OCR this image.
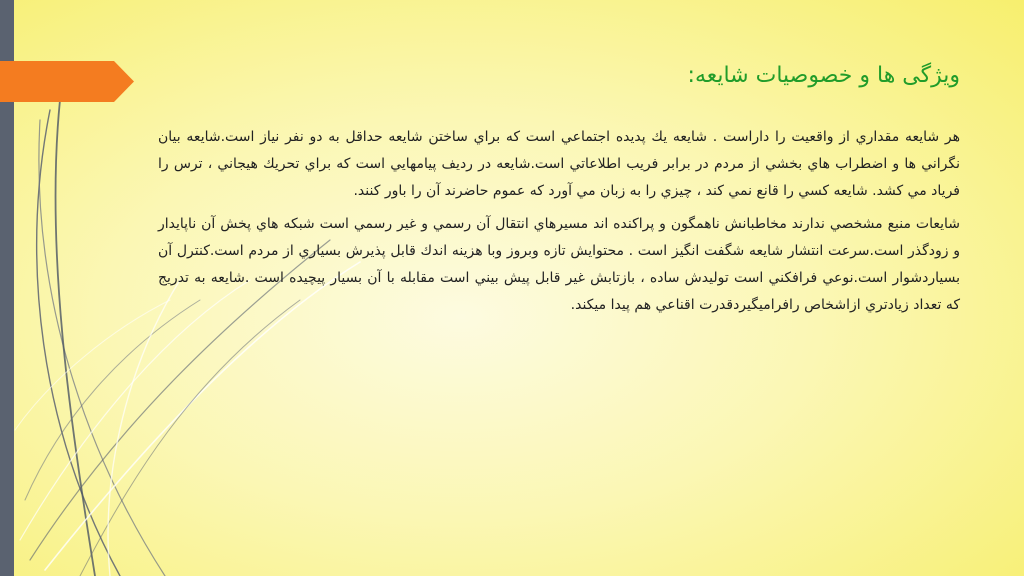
ويژگی ها و خصوصيات شايعه:

هر شايعه مقداري از واقعيت را داراست . شايعه يك پديده اجتماعي است كه براي ساختن شايعه حداقل به دو نفر نياز است.شايعه بيان نگراني ها و اضطراب هاي بخشي از مردم در برابر فريب اطلاعاتي است.شايعه در رديف پيامهايي است كه براي تحريك هيجاني ، ترس را فرياد مي كشد. شايعه كسي را قانع نمي كند ، چيزي را به زبان مي آورد كه عموم حاضرند آن را باور كنند.

شايعات منبع مشخصي ندارند مخاطبانش ناهمگون و پراكنده اند مسيرهاي انتقال آن رسمي و غير رسمي است شبكه هاي پخش آن ناپايدار و زودگذر است.سرعت انتشار شايعه شگفت انگيز است . محتوايش تازه وبروز وبا هزينه اندك قابل پذيرش بسياري از مردم است.كنترل آن بسياردشوار است.نوعي فرافكني است توليدش ساده ، بازتابش غير قابل پيش بيني است مقابله با آن بسيار پيچيده است .شايعه به تدريج كه تعداد زيادتري ازاشخاص رافراميگيردقدرت اقناعي هم پيدا ميكند.
